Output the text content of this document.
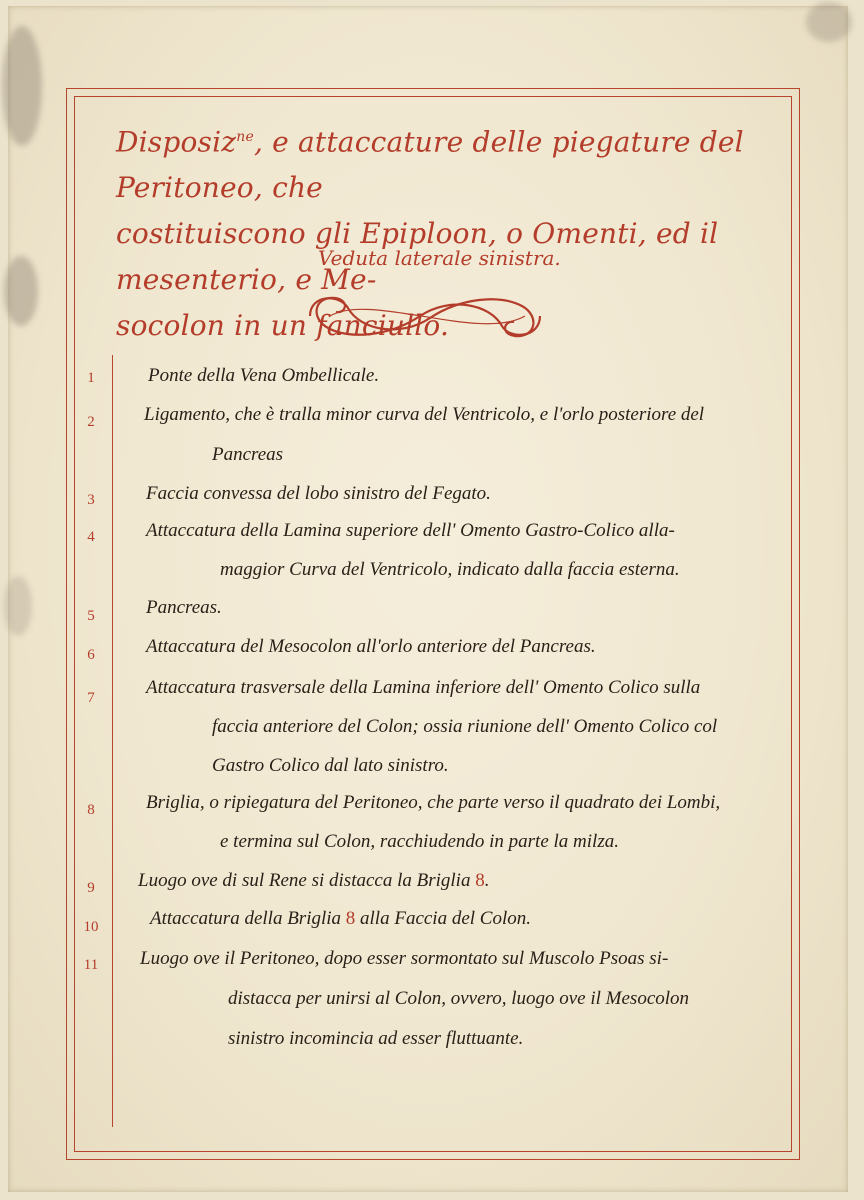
Disposiz$^{ne}$, e attaccature delle piegature del Peritoneo, che
costituiscono gli Epiploon, o Omenti, ed il mesenterio, e Me-
socolon in un fanciullo.
Veduta laterale sinistra.
1	Ponte della Vena Ombellicale.
2	Ligamento, che è tralla minor curva del Ventricolo, e l'orlo posteriore del
Pancreas
3	Faccia convessa del lobo sinistro del Fegato.
4	Attaccatura della Lamina superiore dell' Omento Gastro-Colico alla-
maggior Curva del Ventricolo, indicato dalla faccia esterna.
5	Pancreas.
6	Attaccatura del Mesocolon all'orlo anteriore del Pancreas.
7	Attaccatura trasversale della Lamina inferiore dell' Omento Colico sulla
faccia anteriore del Colon; ossia riunione dell' Omento Colico col
Gastro Colico dal lato sinistro.
8	Briglia, o ripiegatura del Peritoneo, che parte verso il quadrato dei Lombi,
e termina sul Colon, racchiudendo in parte la milza.
9	Luogo ove di sul Rene si distacca la Briglia 8.
10	Attaccatura della Briglia 8 alla Faccia del Colon.
11	Luogo ove il Peritoneo, dopo esser sormontato sul Muscolo Psoas si-
distacca per unirsi al Colon, ovvero, luogo ove il Mesocolon
sinistro incomincia ad esser fluttuante.
